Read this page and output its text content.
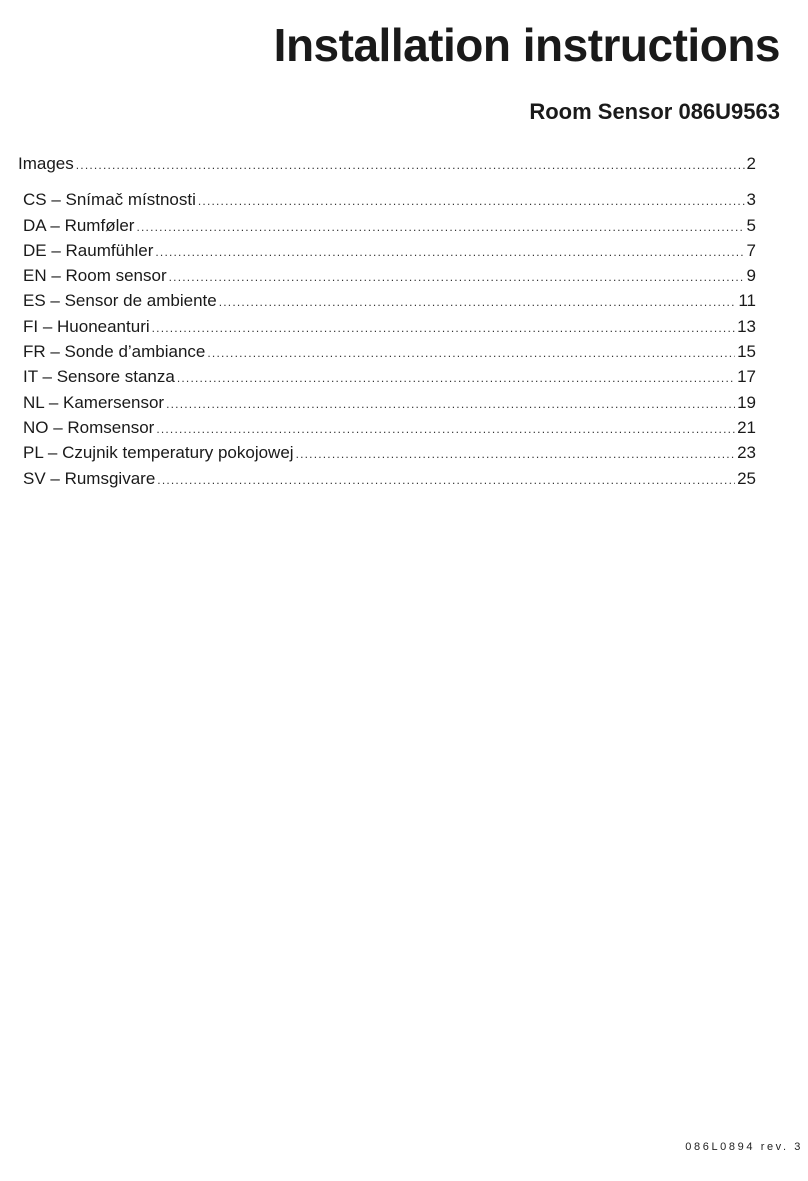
Installation instructions
Room Sensor 086U9563
Images .....	2
CS – Snímač místnosti .....	3
DA – Rumføler .....	5
DE – Raumfühler .....	7
EN – Room sensor .....	9
ES – Sensor de ambiente .....	11
FI – Huoneanturi .....	13
FR – Sonde d’ambiance .....	15
IT – Sensore stanza .....	17
NL – Kamersensor .....	19
NO – Romsensor .....	21
PL – Czujnik temperatury pokojowej .....	23
SV – Rumsgivare .....	25
086L0894 rev. 3
